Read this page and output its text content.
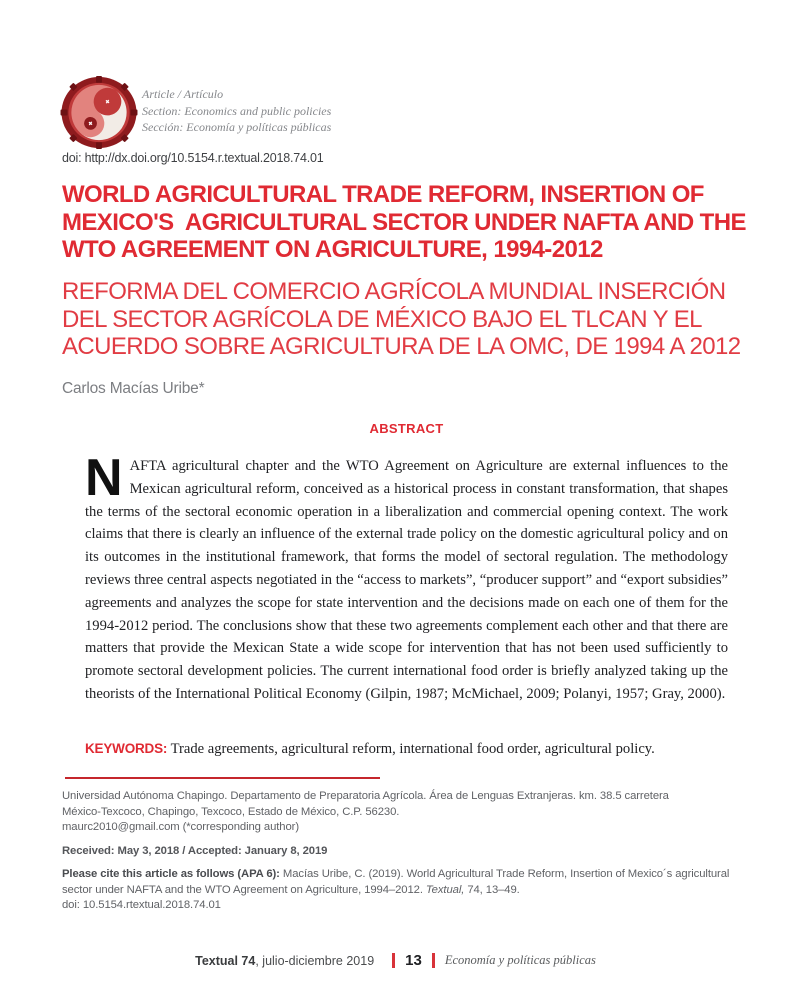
Article / Artículo
Section: Economics and public policies
Sección: Economía y políticas públicas
doi: http://dx.doi.org/10.5154.r.textual.2018.74.01
WORLD AGRICULTURAL TRADE REFORM, INSERTION OF
MEXICO'S  AGRICULTURAL SECTOR UNDER NAFTA AND THE
WTO AGREEMENT ON AGRICULTURE, 1994-2012
REFORMA DEL COMERCIO AGRÍCOLA MUNDIAL INSERCIÓN
DEL SECTOR AGRÍCOLA DE MÉXICO BAJO EL TLCAN Y EL
ACUERDO SOBRE AGRICULTURA DE LA OMC, DE 1994 A 2012
Carlos Macías Uribe*
ABSTRACT
NAFTA agricultural chapter and the WTO Agreement on Agriculture are external influences to the Mexican agricultural reform, conceived as a historical process in constant transformation, that shapes the terms of the sectoral economic operation in a liberalization and commercial opening context. The work claims that there is clearly an influence of the external trade policy on the domestic agricultural policy and on its outcomes in the institutional framework, that forms the model of sectoral regulation. The methodology reviews three central aspects negotiated in the “access to markets”, “producer support” and “export subsidies” agreements and analyzes the scope for state intervention and the decisions made on each one of them for the 1994-2012 period. The conclusions show that these two agreements complement each other and that there are matters that provide the Mexican State a wide scope for intervention that has not been used sufficiently to promote sectoral development policies. The current international food order is briefly analyzed taking up the theorists of the International Political Economy (Gilpin, 1987; McMichael, 2009; Polanyi, 1957; Gray, 2000).
KEYWORDS: Trade agreements, agricultural reform, international food order, agricultural policy.
Universidad Autónoma Chapingo. Departamento de Preparatoria Agrícola. Área de Lenguas Extranjeras. km. 38.5 carretera
México-Texcoco, Chapingo, Texcoco, Estado de México, C.P. 56230.
maurc2010@gmail.com (*corresponding author)
Received: May 3, 2018 / Accepted: January 8, 2019
Please cite this article as follows (APA 6): Macías Uribe, C. (2019). World Agricultural Trade Reform, Insertion of Mexico´s agricultural sector under NAFTA and the WTO Agreement on Agriculture, 1994–2012. Textual, 74, 13–49.
doi: 10.5154.rtextual.2018.74.01
Textual 74 , julio-diciembre 2019 13 Economía y políticas públicas
